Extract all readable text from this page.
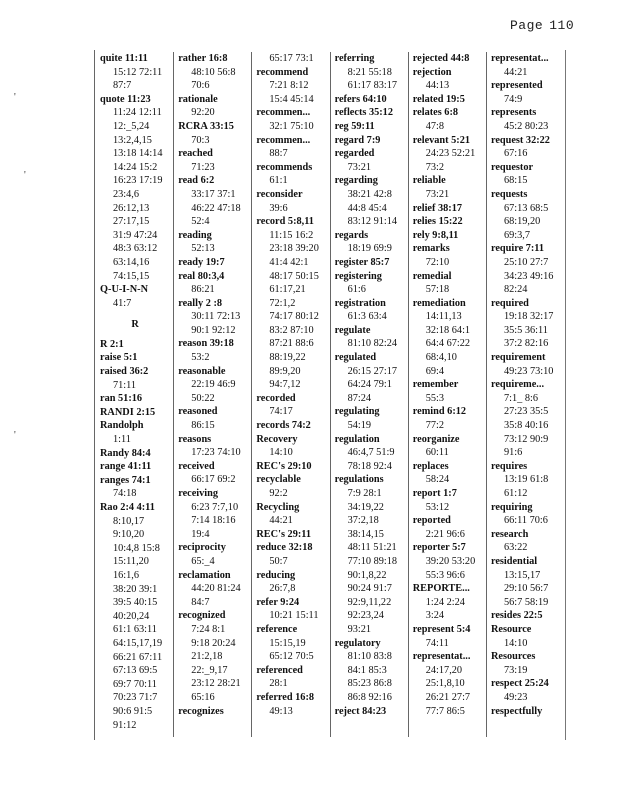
Page 110
'
'
'
quite 11:11
15:12 72:11
87:7
quote 11:23
11:24 12:11
12:_5,24
13:2,4,15
13:18 14:14
14:24 15:2
16:23 17:19
23:4,6
26:12,13
27:17,15
31:9 47:24
48:3 63:12
63:14,16
74:15,15
Q-U-I-N-N
41:7
R
R 2:1
raise 5:1
raised 36:2
71:11
ran 51:16
RANDI 2:15
Randolph
1:11
Randy 84:4
range 41:11
ranges 74:1
74:18
Rao 2:4 4:11
8:10,17
9:10,20
10:4,8 15:8
15:11,20
16:1,6
38:20 39:1
39:5 40:15
40:20,24
61:1 63:11
64:15,17,19
66:21 67:11
67:13 69:5
69:7 70:11
70:23 71:7
90:6 91:5
91:12
rather 16:8
48:10 56:8
70:6
rationale
92:20
RCRA 33:15
70:3
reached
71:23
read 6:2
33:17 37:1
46:22 47:18
52:4
reading
52:13
ready 19:7
real 80:3,4
86:21
really 2 :8
30:11 72:13
90:1 92:12
reason 39:18
53:2
reasonable
22:19 46:9
50:22
reasoned
86:15
reasons
17:23 74:10
received
66:17 69:2
receiving
6:23 7:7,10
7:14 18:16
19:4
reciprocity
65:_4
reclamation
44:20 81:24
84:7
recognized
7:24 8:1
9:18 20:24
21:2,18
22:_9,17
23:12 28:21
65:16
recognizes
65:17 73:1
recommend
7:21 8:12
15:4 45:14
recommen...
32:1 75:10
recommen...
88:7
recommends
61:1
reconsider
39:6
record 5:8,11
11:15 16:2
23:18 39:20
41:4 42:1
48:17 50:15
61:17,21
72:1,2
74:17 80:12
83:2 87:10
87:21 88:6
88:19,22
89:9,20
94:7,12
recorded
74:17
records 74:2
Recovery
14:10
REC's 29:10
recyclable
92:2
Recycling
44:21
REC's 29:11
reduce 32:18
50:7
reducing
26:7,8
refer 9:24
10:21 15:11
reference
15:15,19
65:12 70:5
referenced
28:1
referred 16:8
49:13
referring
8:21 55:18
61:17 83:17
refers 64:10
reflects 35:12
reg 59:11
regard 7:9
regarded
73:21
regarding
38:21 42:8
44:8 45:4
83:12 91:14
regards
18:19 69:9
register 85:7
registering
61:6
registration
61:3 63:4
regulate
81:10 82:24
regulated
26:15 27:17
64:24 79:1
87:24
regulating
54:19
regulation
46:4,7 51:9
78:18 92:4
regulations
7:9 28:1
34:19,22
37:2,18
38:14,15
48:11 51:21
77:10 89:18
90:1,8,22
90:24 91:7
92:9,11,22
92:23,24
93:21
regulatory
81:10 83:8
84:1 85:3
85:23 86:8
86:8 92:16
reject 84:23
rejected 44:8
rejection
44:13
related 19:5
relates 6:8
47:8
relevant 5:21
24:23 52:21
73:2
reliable
73:21
relief 38:17
relies 15:22
rely 9:8,11
remarks
72:10
remedial
57:18
remediation
14:11,13
32:18 64:1
64:4 67:22
68:4,10
69:4
remember
55:3
remind 6:12
77:2
reorganize
60:11
replaces
58:24
report 1:7
53:12
reported
2:21 96:6
reporter 5:7
39:20 53:20
55:3 96:6
REPORTE...
1:24 2:24
3:24
represent 5:4
74:11
representat...
24:17,20
25:1,8,10
26:21 27:7
77:7 86:5
representat...
44:21
represented
74:9
represents
45:2 80:23
request 32:22
67:16
requestor
68:15
requests
67:13 68:5
68:19,20
69:3,7
require 7:11
25:10 27:7
34:23 49:16
82:24
required
19:18 32:17
35:5 36:11
37:2 82:16
requirement
49:23 73:10
requireme...
7:1_ 8:6
27:23 35:5
35:8 40:16
73:12 90:9
91:6
requires
13:19 61:8
61:12
requiring
66:11 70:6
research
63:22
residential
13:15,17
29:10 56:7
56:7 58:19
resides 22:5
Resource
14:10
Resources
73:19
respect 25:24
49:23
respectfully
